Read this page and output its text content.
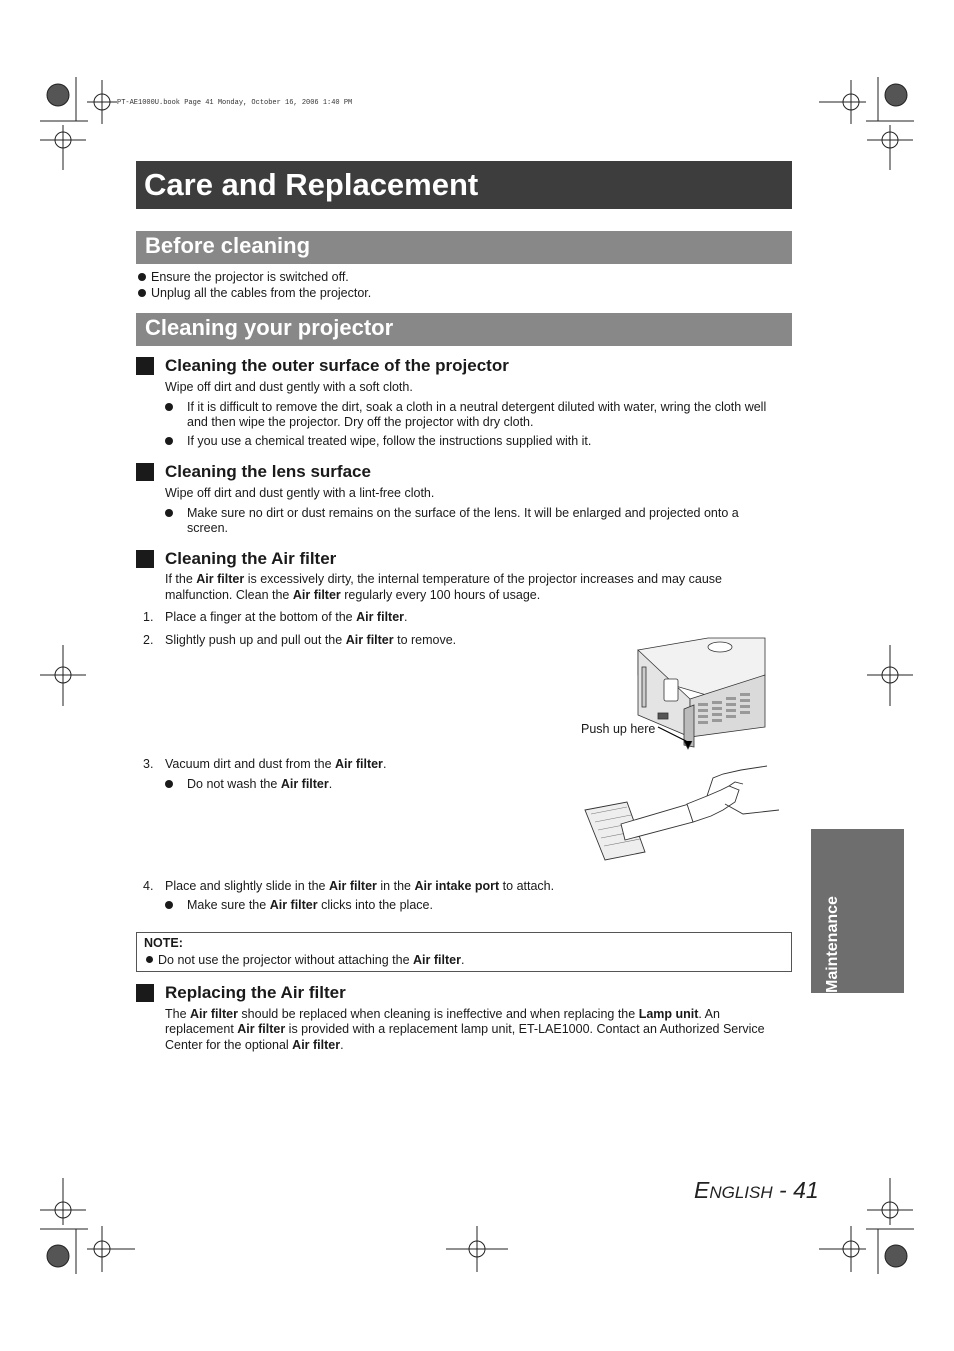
PT-AE1000U.book Page 41 Monday, October 16, 2006 1:40 PM
Care and Replacement
Before cleaning
Ensure the projector is switched off.
Unplug all the cables from the projector.
Cleaning your projector
Cleaning the outer surface of the projector
Wipe off dirt and dust gently with a soft cloth.
If it is difficult to remove the dirt, soak a cloth in a neutral detergent diluted with water, wring the cloth well
and then wipe the projector. Dry off the projector with dry cloth.
If you use a chemical treated wipe, follow the instructions supplied with it.
Cleaning the lens surface
Wipe off dirt and dust gently with a lint-free cloth.
Make sure no dirt or dust remains on the surface of the lens. It will be enlarged and projected onto a
screen.
Cleaning the Air filter
If the Air filter is excessively dirty, the internal temperature of the projector increases and may cause
malfunction. Clean the Air filter regularly every 100 hours of usage.
1. Place a finger at the bottom of the Air filter.
2. Slightly push up and pull out the Air filter to remove.
Push up here
3. Vacuum dirt and dust from the Air filter.
Do not wash the Air filter.
4. Place and slightly slide in the Air filter in the Air intake port to attach.
Make sure the Air filter clicks into the place.
NOTE:
Do not use the projector without attaching the Air filter.
Replacing the Air filter
The Air filter should be replaced when cleaning is ineffective and when replacing the Lamp unit. An
replacement Air filter is provided with a replacement lamp unit, ET-LAE1000. Contact an Authorized Service
Center for the optional Air filter.
Maintenance
ENGLISH - 41
